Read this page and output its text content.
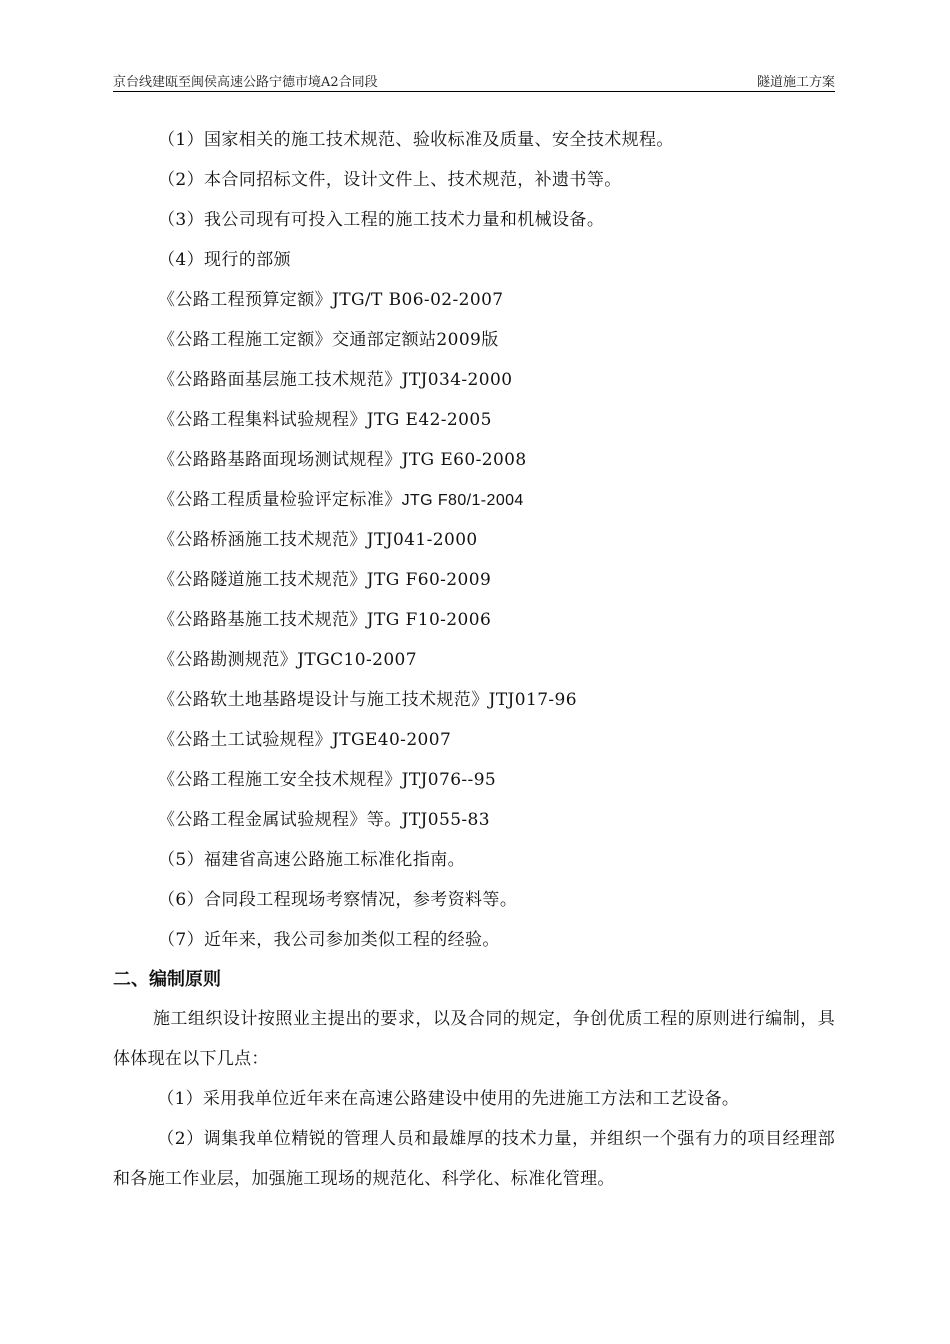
京台线建瓯至闽侯高速公路宁德市境A2合同段	隧道施工方案
（1）国家相关的施工技术规范、验收标准及质量、安全技术规程。
（2）本合同招标文件，设计文件上、技术规范，补遗书等。
（3）我公司现有可投入工程的施工技术力量和机械设备。
（4）现行的部颁
《公路工程预算定额》JTG/T B06-02-2007
《公路工程施工定额》交通部定额站2009版
《公路路面基层施工技术规范》JTJ034-2000
《公路工程集料试验规程》JTG E42-2005
《公路路基路面现场测试规程》JTG E60-2008
《公路工程质量检验评定标准》JTG F80/1-2004
《公路桥涵施工技术规范》JTJ041-2000
《公路隧道施工技术规范》JTG F60-2009
《公路路基施工技术规范》JTG F10-2006
《公路勘测规范》JTGC10-2007
《公路软土地基路堤设计与施工技术规范》JTJ017-96
《公路土工试验规程》JTGE40-2007
《公路工程施工安全技术规程》JTJ076--95
《公路工程金属试验规程》等。JTJ055-83
（5）福建省高速公路施工标准化指南。
（6）合同段工程现场考察情况，参考资料等。
（7）近年来，我公司参加类似工程的经验。
二、编制原则
施工组织设计按照业主提出的要求，以及合同的规定，争创优质工程的原则进行编制，具体体现在以下几点：
（1）采用我单位近年来在高速公路建设中使用的先进施工方法和工艺设备。
（2）调集我单位精锐的管理人员和最雄厚的技术力量，并组织一个强有力的项目经理部和各施工作业层，加强施工现场的规范化、科学化、标准化管理。
